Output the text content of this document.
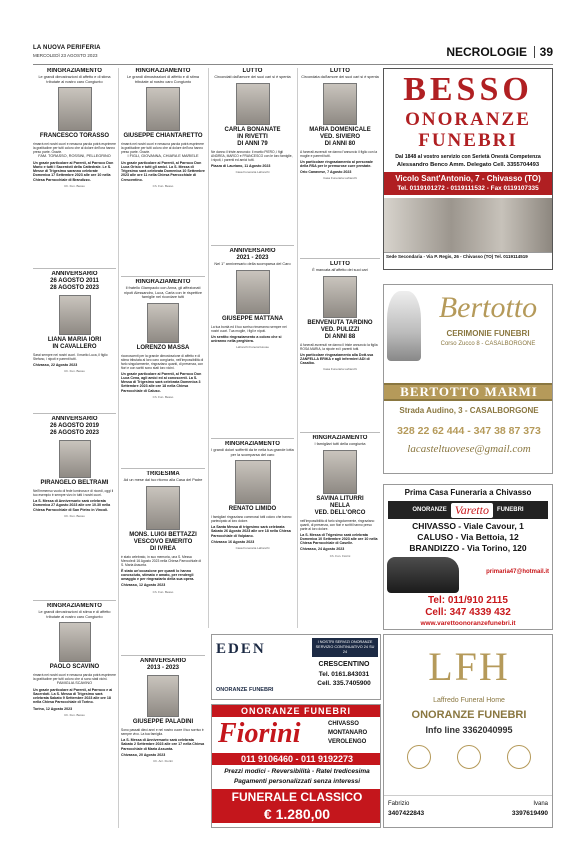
LA NUOVA PERIFERIA
MERCOLEDÌ 23 AGOSTO 2023	NECROLOGIE 39
RINGRAZIAMENTO
Le grandi dimostrazioni di affetto e di stima tributate al nostro caro Congiunto
FRANCESCO TORASSO
rimarrà nei nostri cuori e nessuna parola potrà esprimere la gratitudine per tutti coloro che al dolore dell'ora hanno preso parte. Grazie.
FAM. TORASSO, ROSSINI, PELLEGRINO
Un grazie particolare ai Parenti, al Parroco Don Mario e tutti i Sacerdoti della Cattedrale. Le S. Messe di Trigesimo saranno celebrate Domenica 17 Settembre 2023 alle ore 10 nella Chiesa Parrocchiale di Brandizzo.
Ch. Fun. Besso
ANNIVERSARIO
26 AGOSTO 2011
28 AGOSTO 2023
LIANA MARIA IORI
IN CAVALLERO
Sarai sempre nei nostri cuori. Il marito Luca, il figlio Stefano, i nipoti e parenti tutti.
Chivasso, 22 Agosto 2023
Ch. Fun. Besso
ANNIVERSARIO
26 AGOSTO 2019
26 AGOSTO 2023
PIRANGELO BELTRAMI
Nell'immenso vuoto di fede luminosa e di ricordi, oggi il tuo esempio è sempre vivo in tutti i nostri cuori.
La S. Messa di Anniversario sarà celebrata Domenica 27 Agosto 2023 alle ore 10.30 nella Chiesa Parrocchiale di San Pietro in Vincoli.
Ch. Fun. Besso
RINGRAZIAMENTO
Le grandi dimostrazioni di stima e di affetto tributate al nostro caro Congiunto
PAOLO SCAVINO
rimarrà nei nostri cuori e nessuna parola potrà esprimere la gratitudine per tutti coloro che ci sono stati vicini.
FAMIGLIA SCAVINO
Un grazie particolare ai Parenti, al Parroco e ai Sacerdoti. La S. Messa di Trigesimo sarà celebrata Sabato 9 Settembre 2023 alle ore 18 nella Chiesa Parrocchiale di Torino.
Torino, 12 Agosto 2023
Ch. Fun. Besso
RINGRAZIAMENTO
Le grandi dimostrazioni di affetto e di stima tributate al nostro caro Congiunto
GIUSEPPE CHIANTARETTO
rimarrà nei nostri cuori e nessuna parola potrà esprimere la gratitudine per tutti coloro che al dolore dell'ora hanno preso parte. Grazie.
I FIGLI, GIOVANNA, CHIARA E MARIELE
Un grazie particolare ai Parenti, al Parroco Don Luca Grisio e tutti gli amici. La S. Messa di Trigesimo sarà celebrata Domenica 10 Settembre 2023 alle ore 11 nella Chiesa Parrocchiale di Crescentino.
Ch. Fun. Besso
RINGRAZIAMENTO
Il fratello Giampaolo con Anna, gli affezionati nipoti Alessandro, Luca, Carla con le rispettive famiglie nel ricordare tutti
LORENZO MASSA
riconoscenti per la grande dimostrazione di affetto e di stima tributata al loro caro congiunto, nell'impossibilità di farlo singolarmente, ringraziano quanti, di presenza, con fiori e con scritti sono stati loro vicini.
Un grazie particolare ai Parenti, al Parroco Don Luca Cena, agli amici ed ai conoscenti. La S. Messa di Trigesimo sarà celebrata Domenica 3 Settembre 2023 alle ore 18 nella Chiesa Parrocchiale di Caluso.
Ch. Fun. Besso
TRIGESIMA
Ad un mese dal tuo ritorno alla Casa del Padre
MONS. LUIGI BETTAZZI
VESCOVO EMERITO
DI IVREA
è stato celebrato, in suo memoria, una S. Messa Mercoledì 16 Agosto 2023 nella Chiesa Parrocchiale di S. Maria Assunta.
È stato un'occasione per quanti lo hanno conosciuto, stimato e amato, per rendergli omaggio e per ringraziarlo della sua opera.
Chivasso, 12 Agosto 2023
Ch. Fun. Besso
ANNIVERSARIO
2013 - 2023
GIUSEPPE PALADINI
Sono passati dieci anni e nel nostro cuore il tuo sorriso è sempre vivo. La tua famiglia.
La S. Messa di Anniversario sarà celebrata Sabato 2 Settembre 2023 alle ore 17 nella Chiesa Parrocchiale di Maria Assunta.
Chivasso, 20 Agosto 2023
Ch. Arc. Fiorini
LUTTO
Circondati dall'amore dei suoi cari si è spenta
CARLA BONANATE
IN RIVETTI
DI ANNI 79
Ne danno il triste annuncio: il marito PIERO, i figli ANDREA, MARCO e FRANCESCO con le loro famiglie, i nipoti, i parenti ed amici tutti.
Piazza di Lauriano, 11 Agosto 2023
Casa Funeraria Lafranchi
ANNIVERSARIO
2021 - 2023
Nel 1° anniversario della scomparsa del Caro
GIUSEPPE MATTANA
La tua bontà ed il tuo sorriso rimarranno sempre nei nostri cuori. Tua moglie, i figli e nipoti.
Un sentito ringraziamento a coloro che si uniranno nella preghiera.
Lafranchi Funeral House
RINGRAZIAMENTO
I grandi dolori soffertti da te nella tua grande lotta per la scomparsa del caro
RENATO LIMIDO
I famigliari ringraziano commossi tutti coloro che hanno partecipato al loro dolore.
La Santa Messa di trigesimo sarà celebrata Sabato 26 Agosto 2023 alle ore 18 nella Chiesa Parrocchiale di Volpiano.
Chivasso 16 Agosto 2023
Casa Funeraria Lafranchi
LUTTO
Circondata dall'amore dei suoi cari si è spenta
MARIA DOMENICALE
VED. SIVIERO
DI ANNI 80
A funerali avvenuti ne danno l'annuncio il figlio con la moglie e parenti tutti.
Un particolare ringraziamento al personale della RSA per le premurose cure prestate.
Orio Canavese, 7 Agosto 2023
Casa Funeraria Lafranchi
LUTTO
È mancata all'affetto dei suoi cari
BENVENUTA TARDINO
VED. PULIZZI
DI ANNI 88
A funerali avvenuti ne danno il triste annuncio la figlia ROSA MARIA, la nipote ed i parenti tutti.
Un particolare ringraziamento alla Dott.ssa ZANFELLA ERIKA e agli infermieri ADI di Casalbo.
Casa Funeraria Lafranchi
RINGRAZIAMENTO
I famigliari tutti della congiunta
SAVINA LITURRI
NELLA
VED. DELL'ORCO
nell'impossibilità di farlo singolarmente, ringraziano quanti, di presenza, con fiori e scritti hanno preso parte al loro dolore.
La S. Messa di Trigesimo sarà celebrata Domenica 10 Settembre 2023 alle ore 10 nella Chiesa Parrocchiale di Caselle.
Chivasso, 24 Agosto 2023
Ch. Fun. Fiorini
BESSO
ONORANZE
FUNEBRI
Dal 1848 al vostro servizio con Serietà Onestà Competenza
Alessandro Benco Amm. Delegato Cell. 3355704493
Vicolo Sant'Antonio, 7 - Chivasso (TO)
Tel. 0119101272 - 0119111532 - Fax 0119107335
Sede Secondaria - Via P. Regis, 26 - Chivasso (TO) Tel. 0119114519
Bertotto
CERIMONIE FUNEBRI
Corso Zucco 8 - CASALBORGONE
BERTOTTO MARMI
Strada Audino, 3 - CASALBORGONE
328 22 62 444 - 347 38 87 373
lacasteltuovese@gmail.com
Prima Casa Funeraria a Chivasso
ONORANZE Varetto	FUNEBRI
CHIVASSO - Viale Cavour, 1
CALUSO - Via Bettoia, 12
BRANDIZZO - Via Torino, 120
primaria47@hotmail.it
Tel: 011/910 2115
Cell: 347 4339 432
www.varettoonoranzefunebri.it
EDEN
ONORANZE FUNEBRI
I NOSTRI SERVIZI ONORANZE SERVIZIO CONTINUATIVO 24 SU 24
CRESCENTINO
Tel. 0161.843031
Cell. 335.7405900
ONORANZE FUNEBRI
Fiorini	CHIVASSO MONTANARO VEROLENGO
011 9106460 - 011 9192273
Prezzi modici - Reversibilità - Ratei tredicesima
Pagamenti personalizzati senza interessi
FUNERALE CLASSICO
€ 1.280,00
LFH
Laffredo Funeral Home
ONORANZE FUNEBRI
Info line 3362040995
Fabrizio
3407422843
Ivana
3397619490
